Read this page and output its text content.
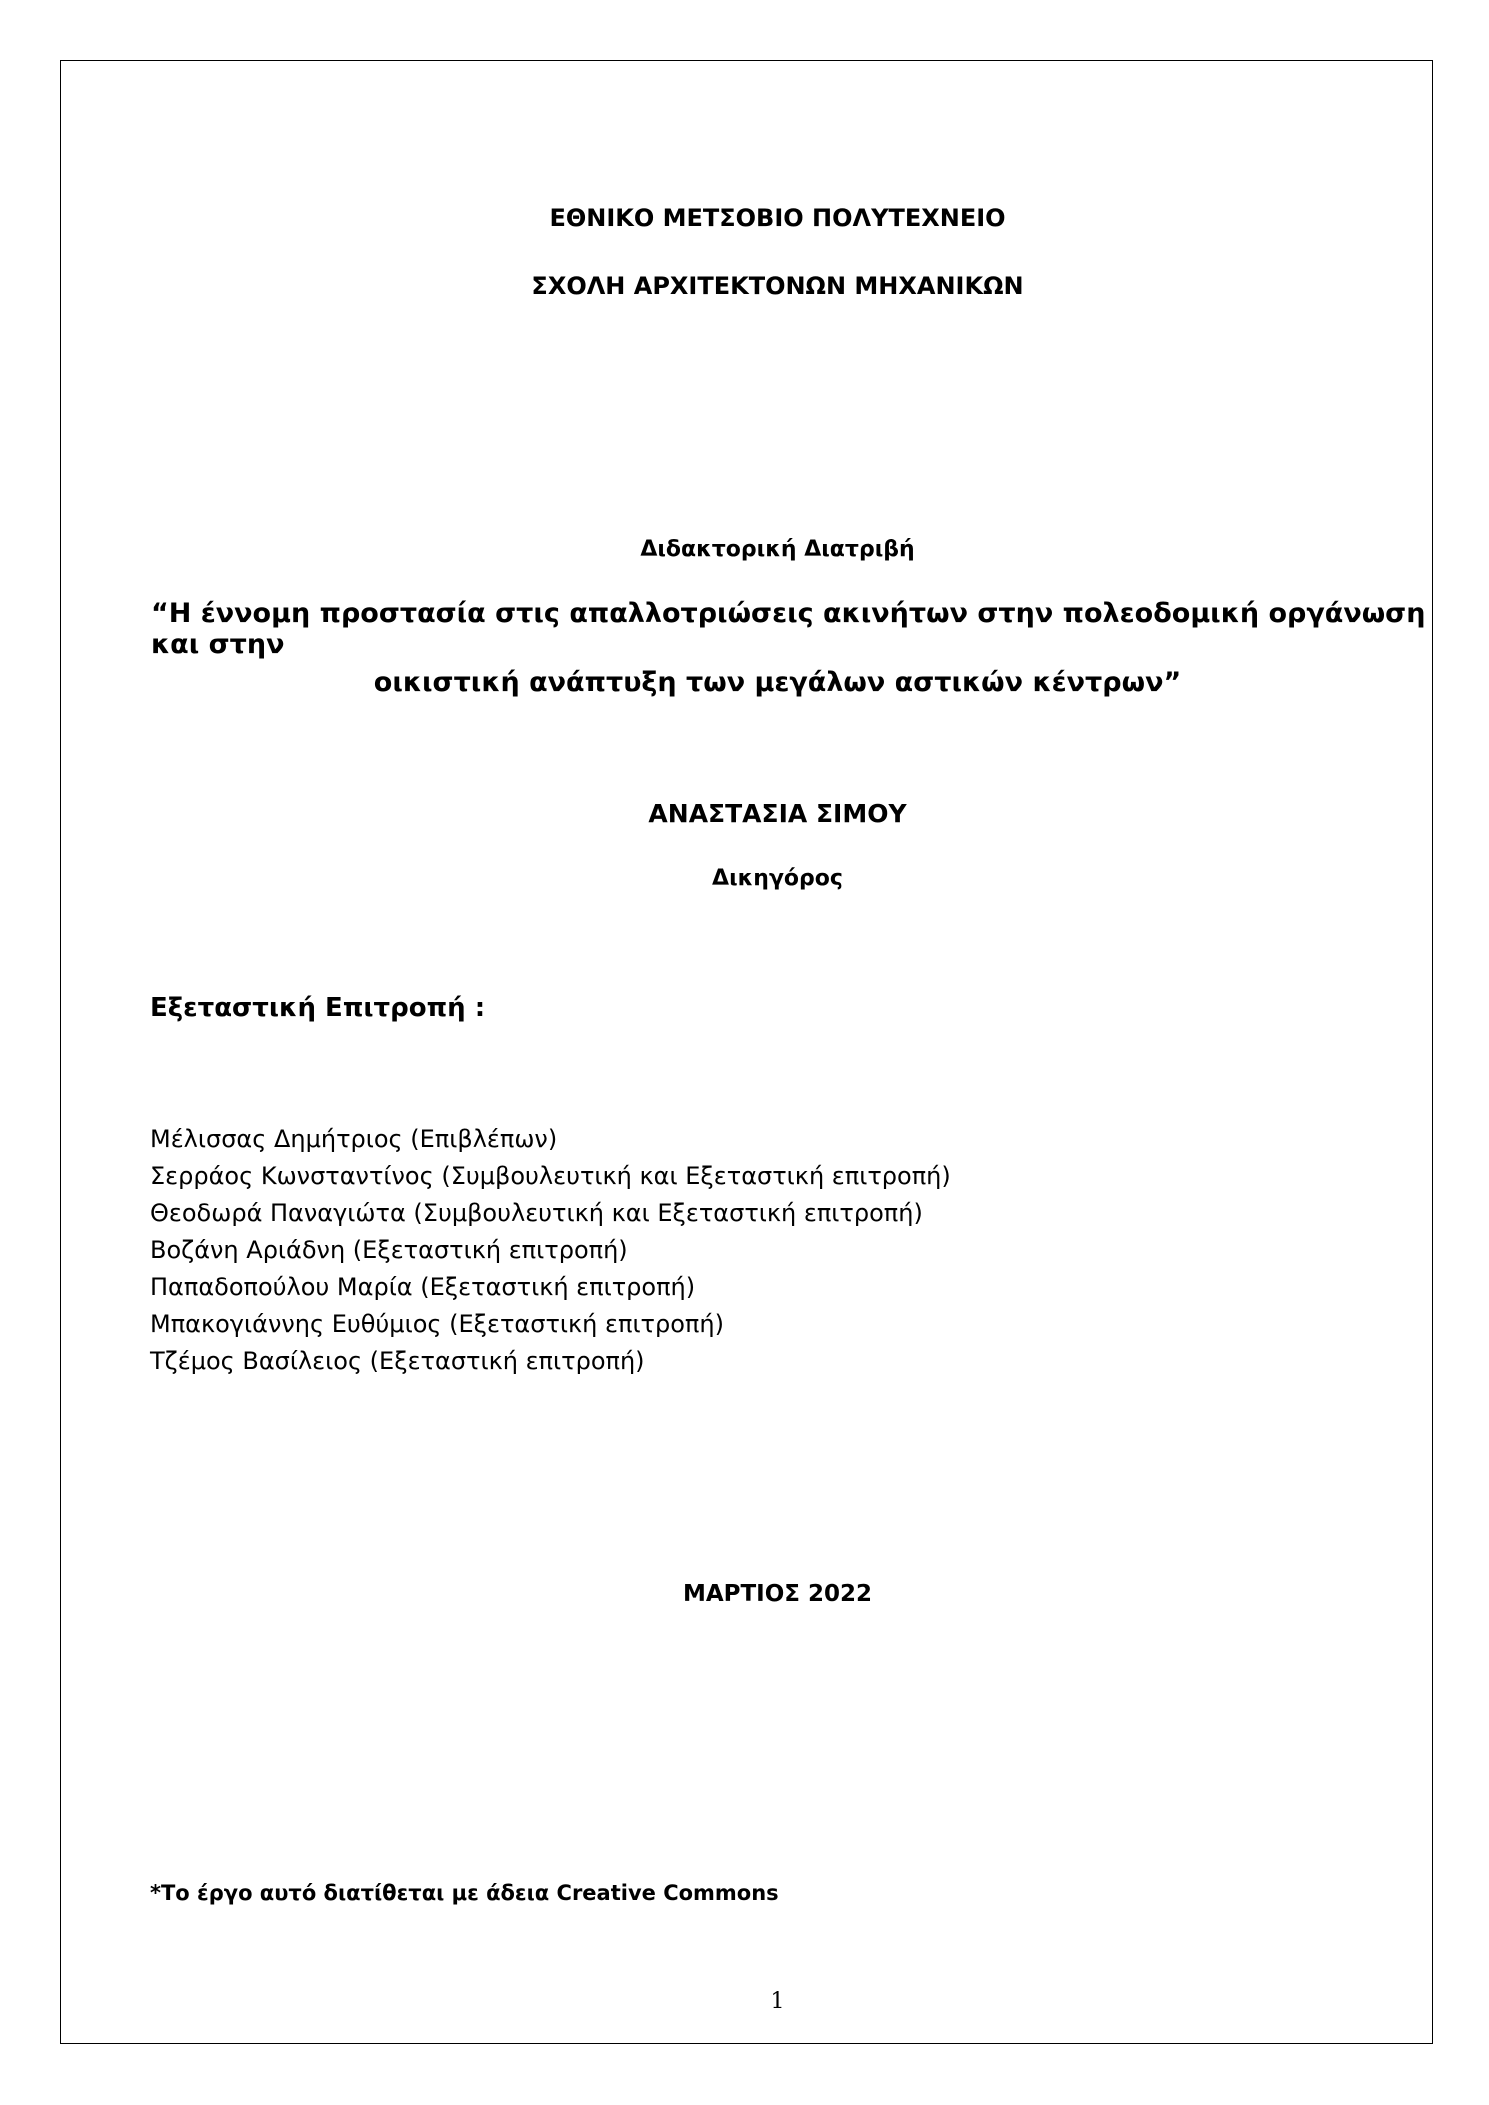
ΕΘΝΙΚΟ ΜΕΤΣΟΒΙΟ ΠΟΛΥΤΕΧΝΕΙΟ
ΣΧΟΛΗ ΑΡΧΙΤΕΚΤΟΝΩΝ ΜΗΧΑΝΙΚΩΝ
Διδακτορική Διατριβή
“Η έννομη προστασία στις απαλλοτριώσεις ακινήτων στην πολεοδομική οργάνωση και στην
οικιστική ανάπτυξη των μεγάλων αστικών κέντρων”
ΑΝΑΣΤΑΣΙΑ ΣΙΜΟΥ
Δικηγόρος
Εξεταστική Επιτροπή :
Μέλισσας Δημήτριος (Επιβλέπων)
Σερράος Κωνσταντίνος (Συμβουλευτική και Εξεταστική επιτροπή)
Θεοδωρά Παναγιώτα (Συμβουλευτική και Εξεταστική επιτροπή)
Βοζάνη Αριάδνη (Εξεταστική επιτροπή)
Παπαδοπούλου Μαρία (Εξεταστική επιτροπή)
Μπακογιάννης Ευθύμιος (Εξεταστική επιτροπή)
Τζέμος Βασίλειος (Εξεταστική επιτροπή)
ΜΑΡΤΙΟΣ 2022
*Το έργο αυτό διατίθεται με άδεια Creative Commons
1
